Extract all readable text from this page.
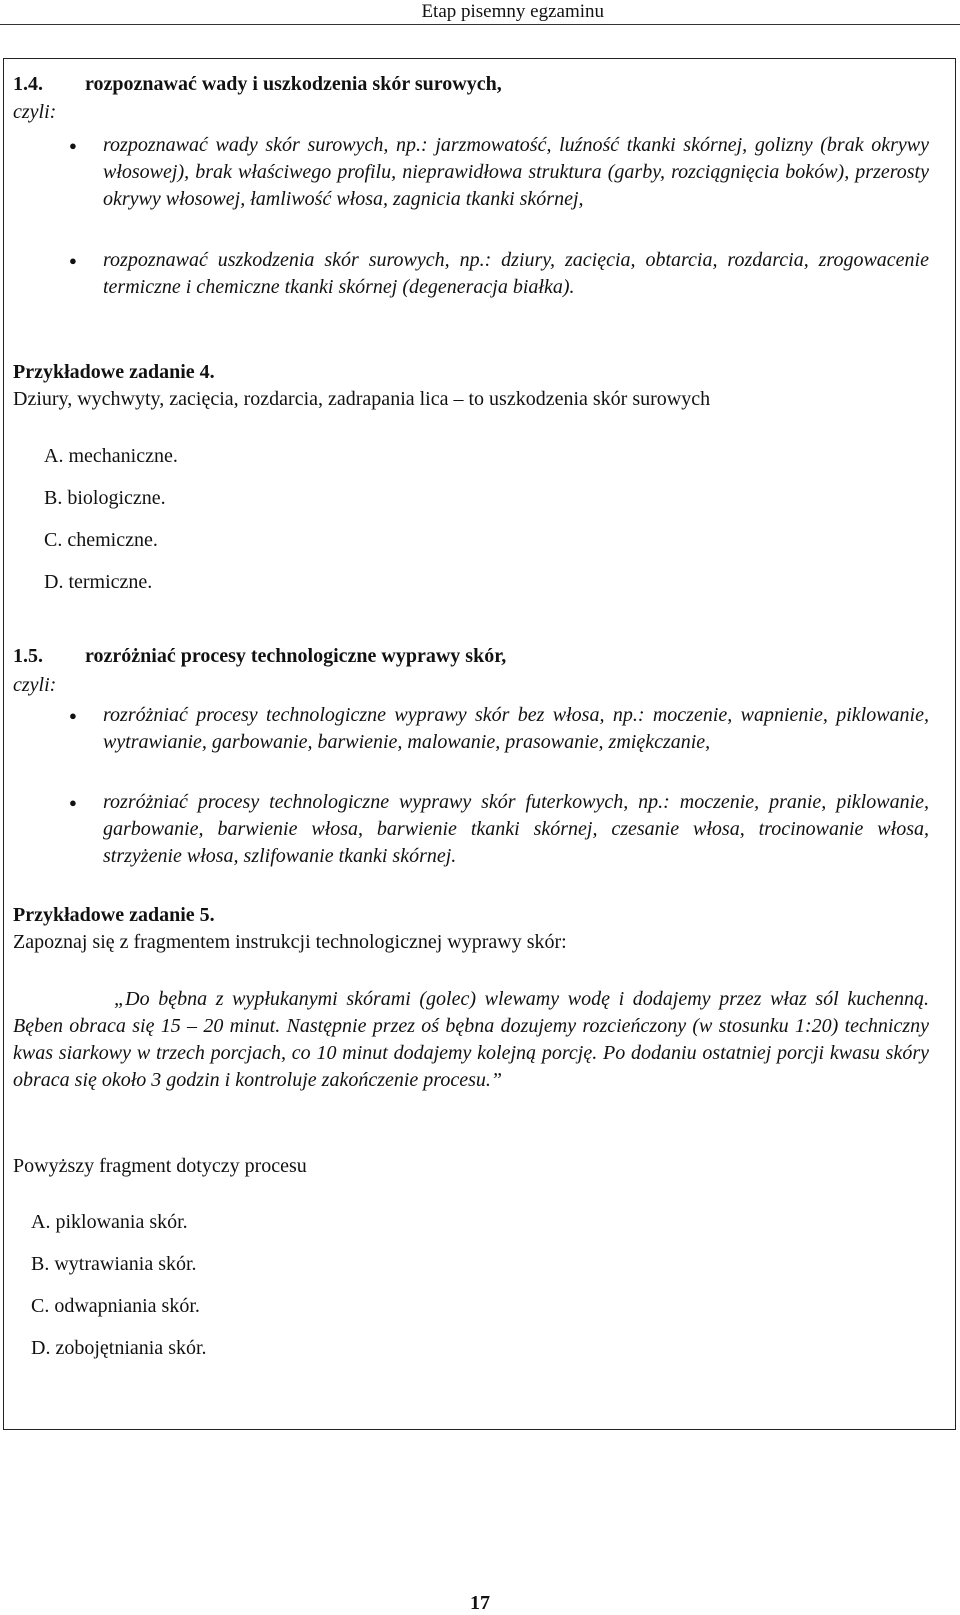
Etap pisemny egzaminu
1.4. rozpoznawać wady i uszkodzenia skór surowych,
czyli:
● rozpoznawać wady skór surowych, np.: jarzmowatość, luźność tkanki skórnej, golizny (brak okrywy włosowej), brak właściwego profilu, nieprawidłowa struktura (garby, rozciągnięcia boków), przerosty okrywy włosowej, łamliwość włosa, zagnicia tkanki skórnej,

● rozpoznawać uszkodzenia skór surowych, np.: dziury, zacięcia, obtarcia, rozdarcia, zrogowacenie termiczne i chemiczne tkanki skórnej (degeneracja białka).

Przykładowe zadanie 4.
Dziury, wychwyty, zacięcia, rozdarcia, zadrapania lica – to uszkodzenia skór surowych
A. mechaniczne.
B. biologiczne.
C. chemiczne.
D. termiczne.
1.5. rozróżniać procesy technologiczne wyprawy skór,
czyli:
● rozróżniać procesy technologiczne wyprawy skór bez włosa, np.: moczenie, wapnienie, piklowanie, wytrawianie, garbowanie, barwienie, malowanie, prasowanie, zmiękczanie,

● rozróżniać procesy technologiczne wyprawy skór futerkowych, np.: moczenie, pranie, piklowanie, garbowanie, barwienie włosa, barwienie tkanki skórnej, czesanie włosa, trocinowanie włosa, strzyżenie włosa, szlifowanie tkanki skórnej.

Przykładowe zadanie 5.
Zapoznaj się z fragmentem instrukcji technologicznej wyprawy skór:

„Do bębna z wypłukanymi skórami (golec) wlewamy wodę i dodajemy przez właz sól kuchenną. Bęben obraca się 15 – 20 minut. Następnie przez oś bębna dozujemy rozcieńczony (w stosunku 1:20) techniczny kwas siarkowy w trzech porcjach, co 10 minut dodajemy kolejną porcję. Po dodaniu ostatniej porcji kwasu skóry obraca się około 3 godzin i kontroluje zakończenie procesu.”

Powyższy fragment dotyczy procesu
A. piklowania skór.
B. wytrawiania skór.
C. odwapniania skór.
D. zobojętniania skór.
17
